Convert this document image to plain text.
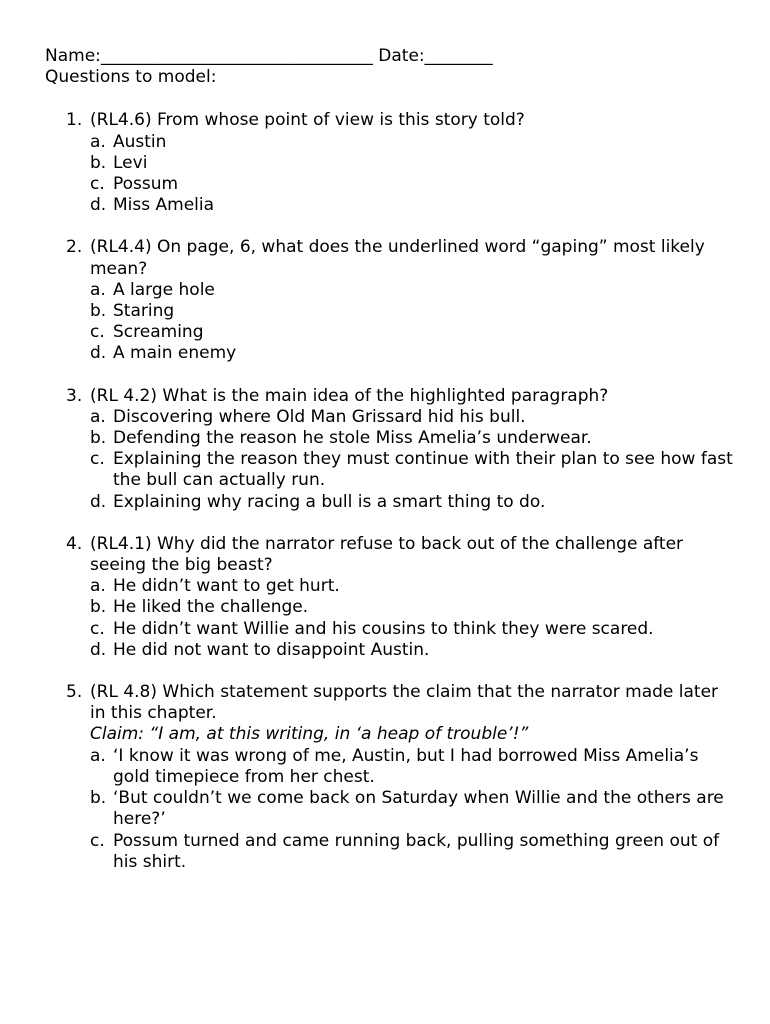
Name:________________________________ Date:________
Questions to model:
1. (RL4.6) From whose point of view is this story told?
a. Austin
b. Levi
c. Possum
d. Miss Amelia
2. (RL4.4) On page, 6, what does the underlined word “gaping” most likely mean?
a. A large hole
b. Staring
c. Screaming
d. A main enemy
3. (RL 4.2) What is the main idea of the highlighted paragraph?
a. Discovering where Old Man Grissard hid his bull.
b. Defending the reason he stole Miss Amelia’s underwear.
c. Explaining the reason they must continue with their plan to see how fast the bull can actually run.
d. Explaining why racing a bull is a smart thing to do.
4. (RL4.1) Why did the narrator refuse to back out of the challenge after seeing the big beast?
a. He didn’t want to get hurt.
b. He liked the challenge.
c. He didn’t want Willie and his cousins to think they were scared.
d. He did not want to disappoint Austin.
5. (RL 4.8) Which statement supports the claim that the narrator made later in this chapter.
Claim: “I am, at this writing, in ‘a heap of trouble’!”
a. ‘I know it was wrong of me, Austin, but I had borrowed Miss Amelia’s gold timepiece from her chest.
b. ‘But couldn’t we come back on Saturday when Willie and the others are here?’
c. Possum turned and came running back, pulling something green out of his shirt.
